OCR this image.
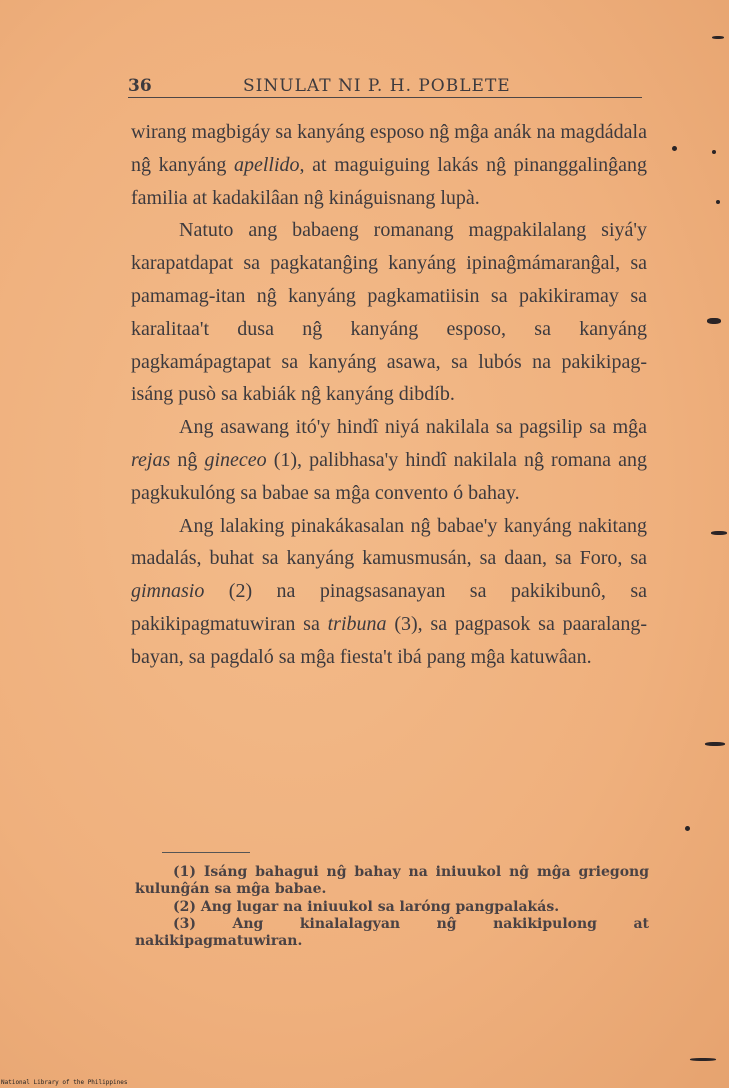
36	SINULAT NI P. H. POBLETE

wirang magbigáy sa kanyáng esposo nĝ mĝa anák na magdádala nĝ kanyáng apellido, at maguiguing lakás nĝ pinanggalinĝang familia at kadakilâan nĝ kináguisnang lupà.

Natuto ang babaeng romanang magpakilalang siyá'y karapatdapat sa pagkatanĝing kanyáng ipinaĝmámaranĝal, sa pamamag-itan nĝ kanyáng pagkamatiisin sa pakikiramay sa karalitaa't dusa nĝ kanyáng esposo, sa kanyáng pagkamápagtapat sa kanyáng asawa, sa lubós na pakikipag-isáng pusò sa kabiák nĝ kanyáng dibdíb.

Ang asawang itó'y hindî niyá nakilala sa pagsilip sa mĝa rejas nĝ gineceo (1), palibhasa'y hindî nakilala nĝ romana ang pagkukulóng sa babae sa mĝa convento ó bahay.

Ang lalaking pinakákasalan nĝ babae'y kanyáng nakitang madalás, buhat sa kanyáng kamusmusán, sa daan, sa Foro, sa gimnasio (2) na pinagsasanayan sa pakikibunô, sa pakikipagmatuwiran sa tribuna (3), sa pagpasok sa paaralang-bayan, sa pagdaló sa mĝa fiesta't ibá pang mĝa katuwâan.

(1) Isáng bahagui nĝ bahay na iniuukol nĝ mĝa griegong kulunĝán sa mĝa babae.

(2) Ang lugar na iniuukol sa laróng pangpalakás.

(3) Ang kinalalagyan nĝ nakikipulong at nakikipagmatuwiran.

National Library of the Philippines
